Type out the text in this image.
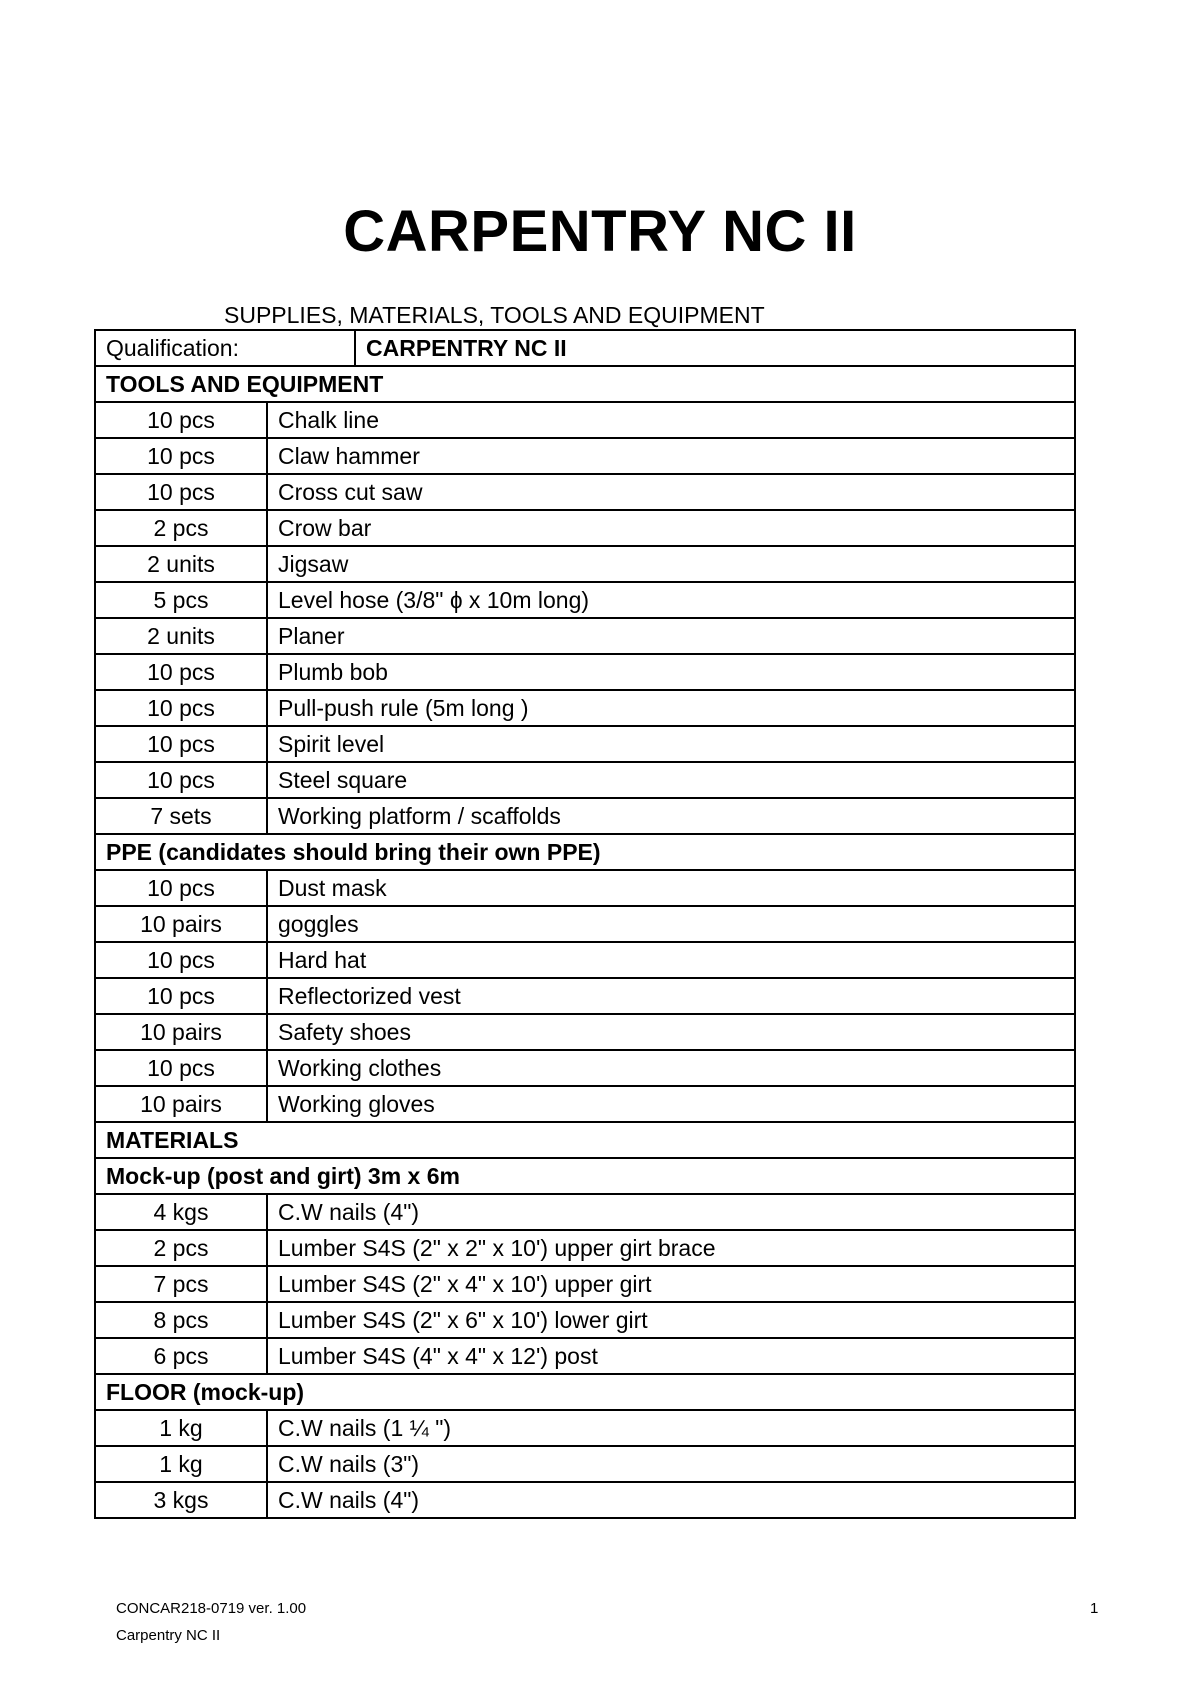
CARPENTRY NC II
SUPPLIES, MATERIALS, TOOLS AND EQUIPMENT
Qualification:		CARPENTRY NC II
TOOLS AND EQUIPMENT		
10 pcs	Chalk line	
10 pcs	Claw hammer	
10 pcs	Cross cut saw	
2 pcs	Crow bar	
2 units	Jigsaw	
5 pcs	Level hose (3/8" ɸ x 10m long)	
2 units	Planer	
10 pcs	Plumb bob	
10 pcs	Pull-push rule (5m long )	
10 pcs	Spirit level	
10 pcs	Steel square	
7 sets	Working platform / scaffolds	
PPE (candidates should bring their own PPE)		
10 pcs	Dust mask	
10 pairs	goggles	
10 pcs	Hard hat	
10 pcs	Reflectorized vest	
10 pairs	Safety shoes	
10 pcs	Working clothes	
10 pairs	Working gloves	
MATERIALS		
Mock-up (post and girt) 3m x 6m		
4 kgs	C.W nails (4")	
2 pcs	Lumber S4S (2" x 2" x 10') upper girt brace	
7 pcs	Lumber S4S (2" x 4" x 10') upper girt	
8 pcs	Lumber S4S (2" x 6" x 10') lower girt	
6 pcs	Lumber S4S (4" x 4" x 12') post	
FLOOR (mock-up)		
1 kg	C.W nails (1 ¼ ")	
1 kg	C.W nails (3")	
3 kgs	C.W nails (4")	
CONCAR218-0719 ver. 1.00	1
Carpentry NC II
